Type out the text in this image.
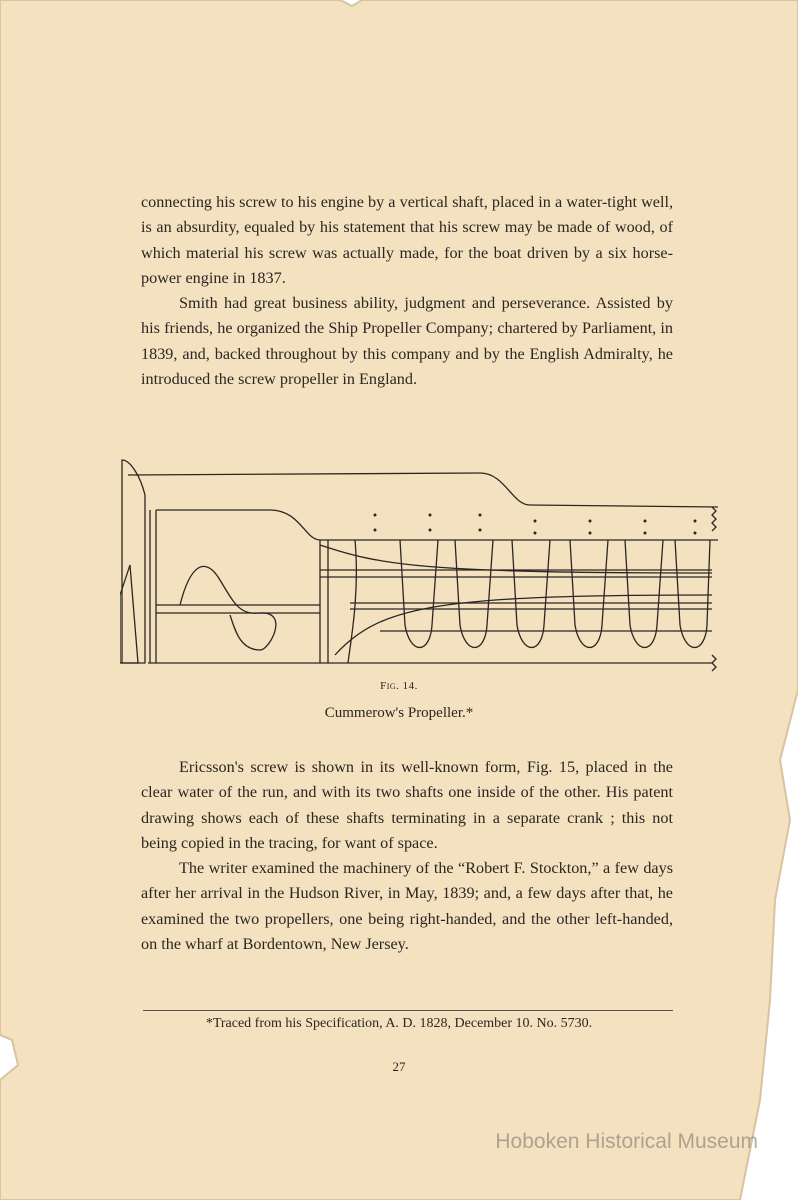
connecting his screw to his engine by a vertical shaft, placed in a water-tight well, is an absurdity, equaled by his statement that his screw may be made of wood, of which material his screw was actually made, for the boat driven by a six horse-power engine in 1837.

Smith had great business ability, judgment and perseverance. Assisted by his friends, he organized the Ship Propeller Company; chartered by Parliament, in 1839, and, backed throughout by this company and by the English Admiralty, he introduced the screw propeller in England.

Fig. 14.
Cummerow's Propeller.*

Ericsson's screw is shown in its well-known form, Fig. 15, placed in the clear water of the run, and with its two shafts one inside of the other. His patent drawing shows each of these shafts terminating in a separate crank ; this not being copied in the tracing, for want of space.

The writer examined the machinery of the “Robert F. Stockton,” a few days after her arrival in the Hudson River, in May, 1839; and, a few days after that, he examined the two propellers, one being right-handed, and the other left-handed, on the wharf at Bordentown, New Jersey.

*Traced from his Specification, A. D. 1828, December 10. No. 5730.
27
Hoboken Historical Museum
